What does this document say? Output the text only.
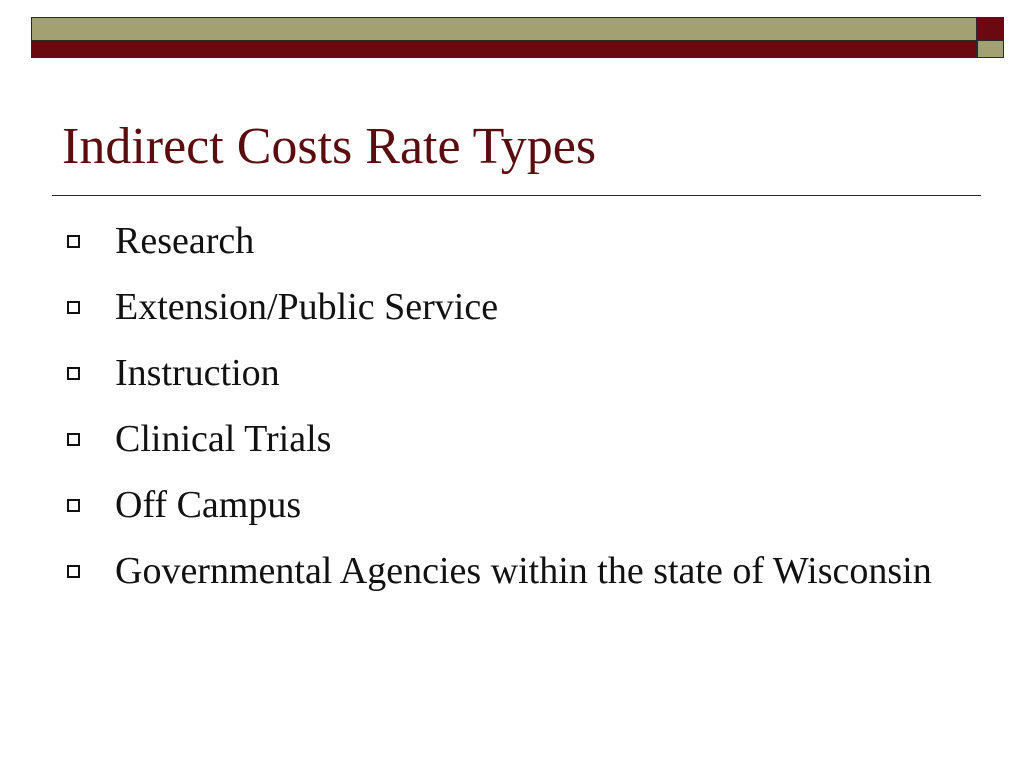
Indirect Costs Rate Types
Research
Extension/Public Service
Instruction
Clinical Trials
Off Campus
Governmental Agencies within the state of Wisconsin
